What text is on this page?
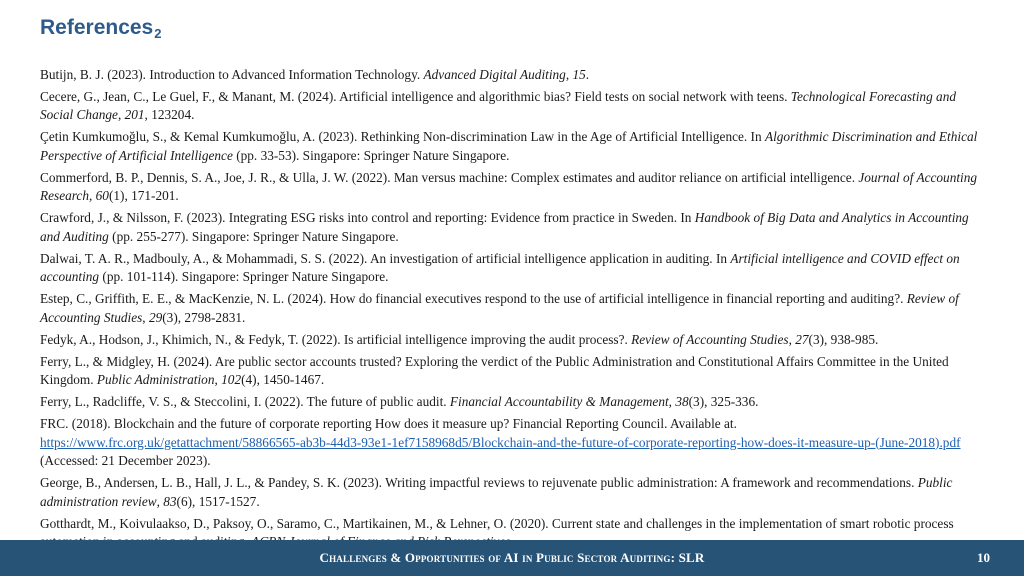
References$_2$

Butijn, B. J. (2023). Introduction to Advanced Information Technology. Advanced Digital Auditing, 15.

Cecere, G., Jean, C., Le Guel, F., & Manant, M. (2024). Artificial intelligence and algorithmic bias? Field tests on social network with teens. Technological Forecasting and Social Change, 201, 123204.

Çetin Kumkumoğlu, S., & Kemal Kumkumoğlu, A. (2023). Rethinking Non-discrimination Law in the Age of Artificial Intelligence. In Algorithmic Discrimination and Ethical Perspective of Artificial Intelligence (pp. 33-53). Singapore: Springer Nature Singapore.

Commerford, B. P., Dennis, S. A., Joe, J. R., & Ulla, J. W. (2022). Man versus machine: Complex estimates and auditor reliance on artificial intelligence. Journal of Accounting Research, 60(1), 171-201.

Crawford, J., & Nilsson, F. (2023). Integrating ESG risks into control and reporting: Evidence from practice in Sweden. In Handbook of Big Data and Analytics in Accounting and Auditing (pp. 255-277). Singapore: Springer Nature Singapore.

Dalwai, T. A. R., Madbouly, A., & Mohammadi, S. S. (2022). An investigation of artificial intelligence application in auditing. In Artificial intelligence and COVID effect on accounting (pp. 101-114). Singapore: Springer Nature Singapore.

Estep, C., Griffith, E. E., & MacKenzie, N. L. (2024). How do financial executives respond to the use of artificial intelligence in financial reporting and auditing?. Review of Accounting Studies, 29(3), 2798-2831.

Fedyk, A., Hodson, J., Khimich, N., & Fedyk, T. (2022). Is artificial intelligence improving the audit process?. Review of Accounting Studies, 27(3), 938-985.

Ferry, L., & Midgley, H. (2024). Are public sector accounts trusted? Exploring the verdict of the Public Administration and Constitutional Affairs Committee in the United Kingdom. Public Administration, 102(4), 1450-1467.

Ferry, L., Radcliffe, V. S., & Steccolini, I. (2022). The future of public audit. Financial Accountability & Management, 38(3), 325-336.

FRC. (2018). Blockchain and the future of corporate reporting How does it measure up? Financial Reporting Council. Available at. https://www.frc.org.uk/getattachment/58866565-ab3b-44d3-93e1-1ef7158968d5/Blockchain-and-the-future-of-corporate-reporting-how-does-it-measure-up-(June-2018).pdf (Accessed: 21 December 2023).

George, B., Andersen, L. B., Hall, J. L., & Pandey, S. K. (2023). Writing impactful reviews to rejuvenate public administration: A framework and recommendations. Public administration review, 83(6), 1517-1527.

Gotthardt, M., Koivulaakso, D., Paksoy, O., Saramo, C., Martikainen, M., & Lehner, O. (2020). Current state and challenges in the implementation of smart robotic process

Challenges & Opportunities of AI in Public Sector Auditing: SLR	10
